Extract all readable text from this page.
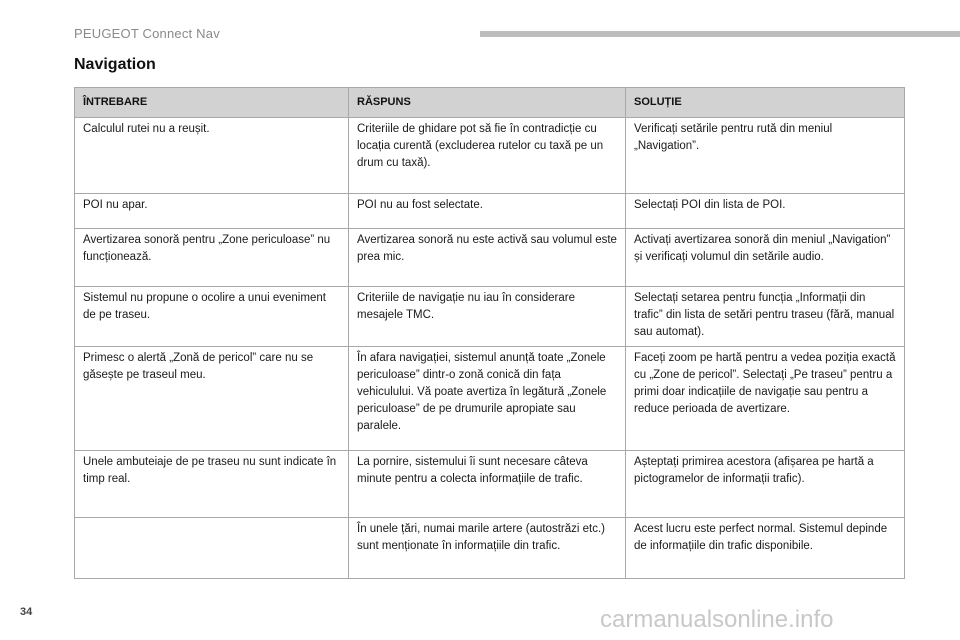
PEUGEOT Connect Nav
Navigation
ÎNTREBARE	RĂSPUNS	SOLUȚIE
Calculul rutei nu a reușit.	Criteriile de ghidare pot să fie în contradicție cu locația curentă (excluderea rutelor cu taxă pe un drum cu taxă).	Verificați setările pentru rută din meniul „Navigation”.
POI nu apar.	POI nu au fost selectate.	Selectați POI din lista de POI.
Avertizarea sonoră pentru „Zone periculoase” nu funcționează.	Avertizarea sonoră nu este activă sau volumul este prea mic.	Activați avertizarea sonoră din meniul „Navigation” și verificați volumul din setările audio.
Sistemul nu propune o ocolire a unui eveniment de pe traseu.	Criteriile de navigație nu iau în considerare mesajele TMC.	Selectați setarea pentru funcția „Informații din trafic” din lista de setări pentru traseu (fără, manual sau automat).
Primesc o alertă „Zonă de pericol” care nu se găsește pe traseul meu.	În afara navigației, sistemul anunță toate „Zonele periculoase” dintr-o zonă conică din fața vehiculului. Vă poate avertiza în legătură „Zonele periculoase” de pe drumurile apropiate sau paralele.	Faceți zoom pe hartă pentru a vedea poziția exactă cu „Zone de pericol”. Selectați „Pe traseu” pentru a primi doar indicațiile de navigație sau pentru a reduce perioada de avertizare.
Unele ambuteiaje de pe traseu nu sunt indicate în timp real.	La pornire, sistemului îi sunt necesare câteva minute pentru a colecta informațiile de trafic.	Așteptați primirea acestora (afișarea pe hartă a pictogramelor de informații trafic).
	În unele țări, numai marile artere (autostrăzi etc.) sunt menționate în informațiile din trafic.	Acest lucru este perfect normal. Sistemul depinde de informațiile din trafic disponibile.
34	carmanualsonline.info
